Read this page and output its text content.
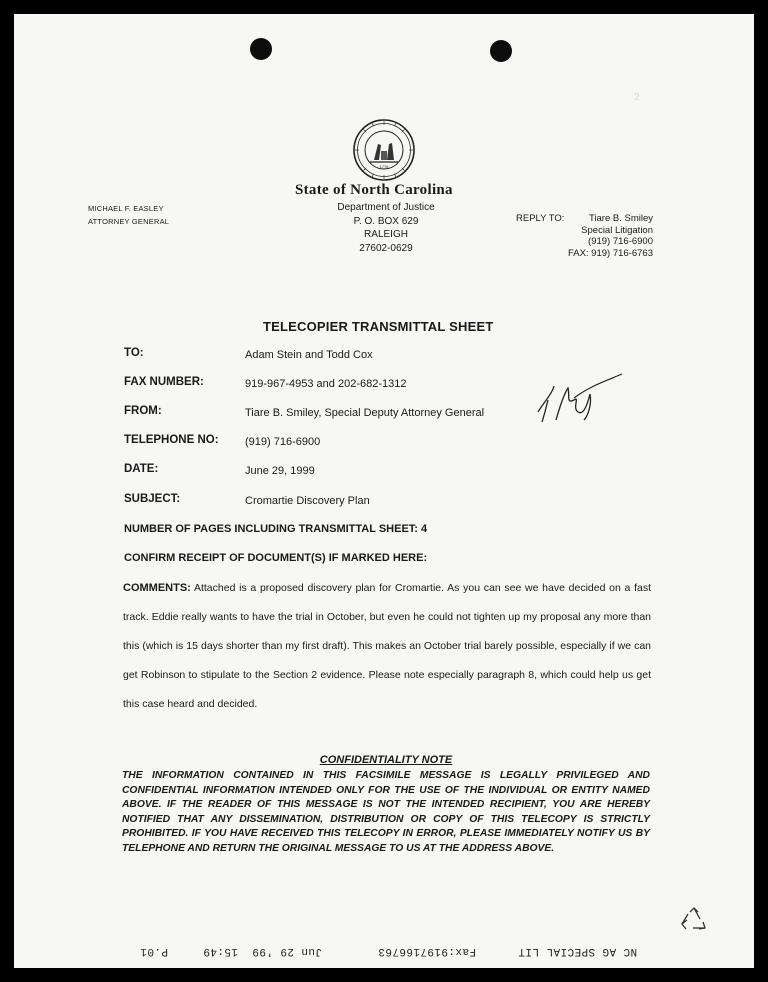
2
1776
State of North Carolina
Department of Justice
P. O. BOX 629
RALEIGH
27602-0629
MICHAEL F. EASLEY
ATTORNEY GENERAL	REPLY TO:	Tiare B. Smiley
Special Litigation
(919) 716-6900
FAX: 919) 716-6763
TELECOPIER TRANSMITTAL SHEET
TO:	Adam Stein and Todd Cox
FAX NUMBER:	919-967-4953 and 202-682-1312
FROM:	Tiare B. Smiley, Special Deputy Attorney General
TELEPHONE NO: (919) 716-6900
DATE:	June 29, 1999
SUBJECT:	Cromartie Discovery Plan
NUMBER OF PAGES INCLUDING TRANSMITTAL SHEET: 4
CONFIRM RECEIPT OF DOCUMENT(S) IF MARKED HERE:
COMMENTS: Attached is a proposed discovery plan for Cromartie. As you can see we have decided on a fast track. Eddie really wants to have the trial in October, but even he could not tighten up my proposal any more than this (which is 15 days shorter than my first draft). This makes an October trial barely possible, especially if we can get Robinson to stipulate to the Section 2 evidence. Please note especially paragraph 8, which could help us get this case heard and decided.
CONFIDENTIALITY NOTE
THE INFORMATION CONTAINED IN THIS FACSIMILE MESSAGE IS LEGALLY PRIVILEGED AND CONFIDENTIAL INFORMATION INTENDED ONLY FOR THE USE OF THE INDIVIDUAL OR ENTITY NAMED ABOVE. IF THE READER OF THIS MESSAGE IS NOT THE INTENDED RECIPIENT, YOU ARE HEREBY NOTIFIED THAT ANY DISSEMINATION, DISTRIBUTION OR COPY OF THIS TELECOPY IS STRICTLY PROHIBITED. IF YOU HAVE RECEIVED THIS TELECOPY IN ERROR, PLEASE IMMEDIATELY NOTIFY US BY TELEPHONE AND RETURN THE ORIGINAL MESSAGE TO US AT THE ADDRESS ABOVE.
NC AG SPECIAL LIT      Fax:9197166763        Jun 29 '99  15:49     P.01
